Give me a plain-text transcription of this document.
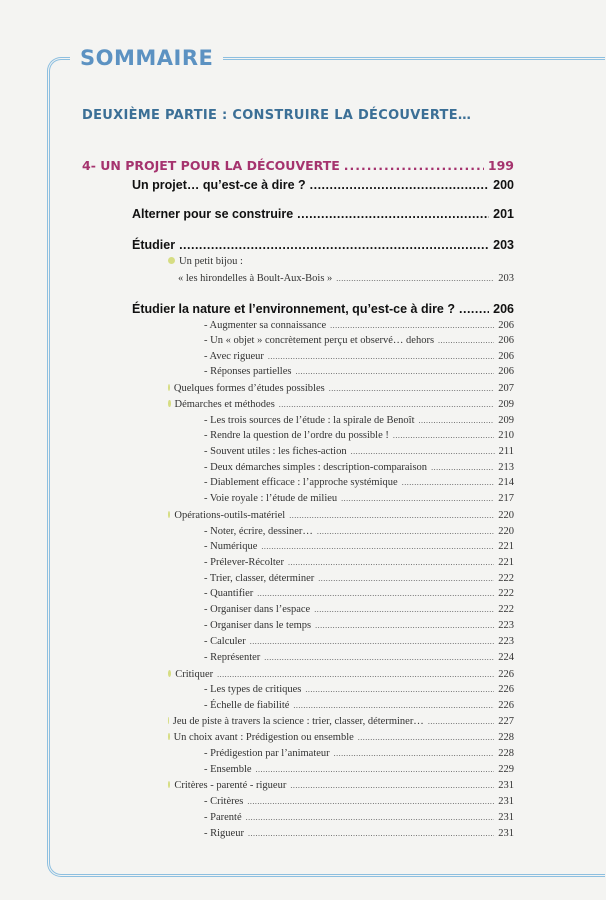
SOMMAIRE
DEUXIÈME PARTIE : CONSTRUIRE LA DÉCOUVERTE…
4- UN PROJET POUR LA DÉCOUVERTE .....	199
Un projet… qu’est-ce à dire ? .....	200
Alterner pour se construire .....	201
Étudier .....	203
Un petit bijou :
« les hirondelles à Boult-Aux-Bois » .....	203
Étudier la nature et l’environnement, qu’est-ce à dire ? .....	206
- Augmenter sa connaissance .....	206
- Un « objet » concrètement perçu et observé… dehors .....	206
- Avec rigueur .....	206
- Réponses partielles .....	206
Quelques formes d’études possibles .....	207
Démarches et méthodes .....	209
- Les trois sources de l’étude : la spirale de Benoît .....	209
- Rendre la question de l’ordre du possible ! .....	210
- Souvent utiles : les fiches-action .....	211
- Deux démarches simples : description-comparaison .....	213
- Diablement efficace : l’approche systémique .....	214
- Voie royale : l’étude de milieu .....	217
Opérations-outils-matériel .....	220
- Noter, écrire, dessiner… .....	220
- Numérique .....	221
- Prélever-Récolter .....	221
- Trier, classer, déterminer .....	222
- Quantifier .....	222
- Organiser dans l’espace .....	222
- Organiser dans le temps .....	223
- Calculer .....	223
- Représenter .....	224
Critiquer .....	226
- Les types de critiques .....	226
- Échelle de fiabilité .....	226
Jeu de piste à travers la science : trier, classer, déterminer… .....	227
Un choix avant : Prédigestion ou ensemble .....	228
- Prédigestion par l’animateur .....	228
- Ensemble .....	229
Critères - parenté - rigueur .....	231
- Critères .....	231
- Parenté .....	231
- Rigueur .....	231
